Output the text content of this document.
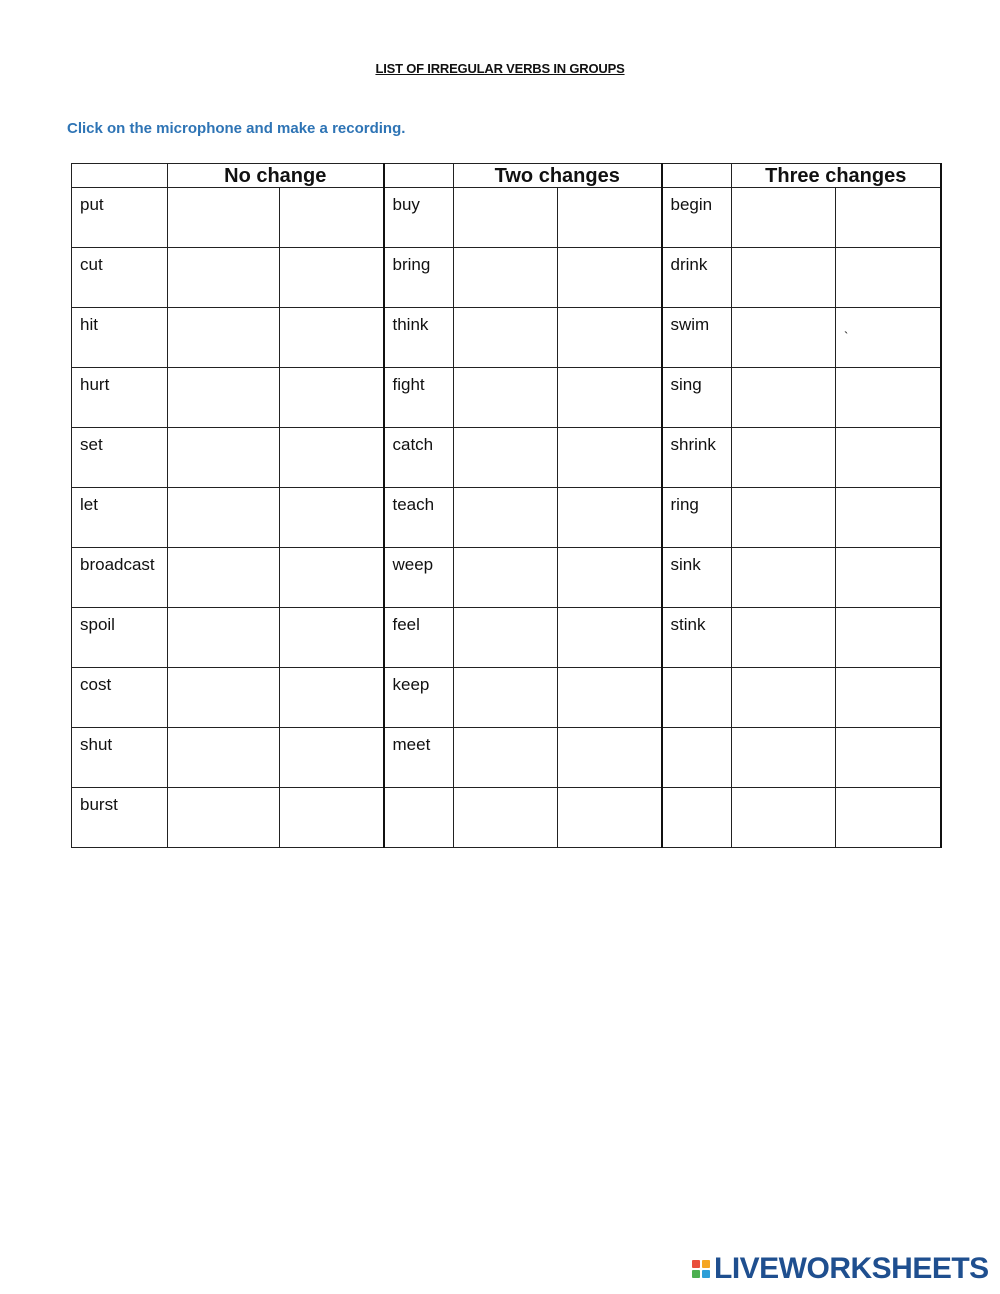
LIST OF IRREGULAR VERBS IN GROUPS
Click on the microphone and make a recording.
	No change			Two changes			Three changes	
put			buy			begin		
cut			bring			drink		
hit			think			swim		`
hurt			fight			sing		
set			catch			shrink		
let			teach			ring		
broadcast			weep			sink		
spoil			feel			stink		
cost			keep					
shut			meet					
burst								
LIVEWORKSHEETS
